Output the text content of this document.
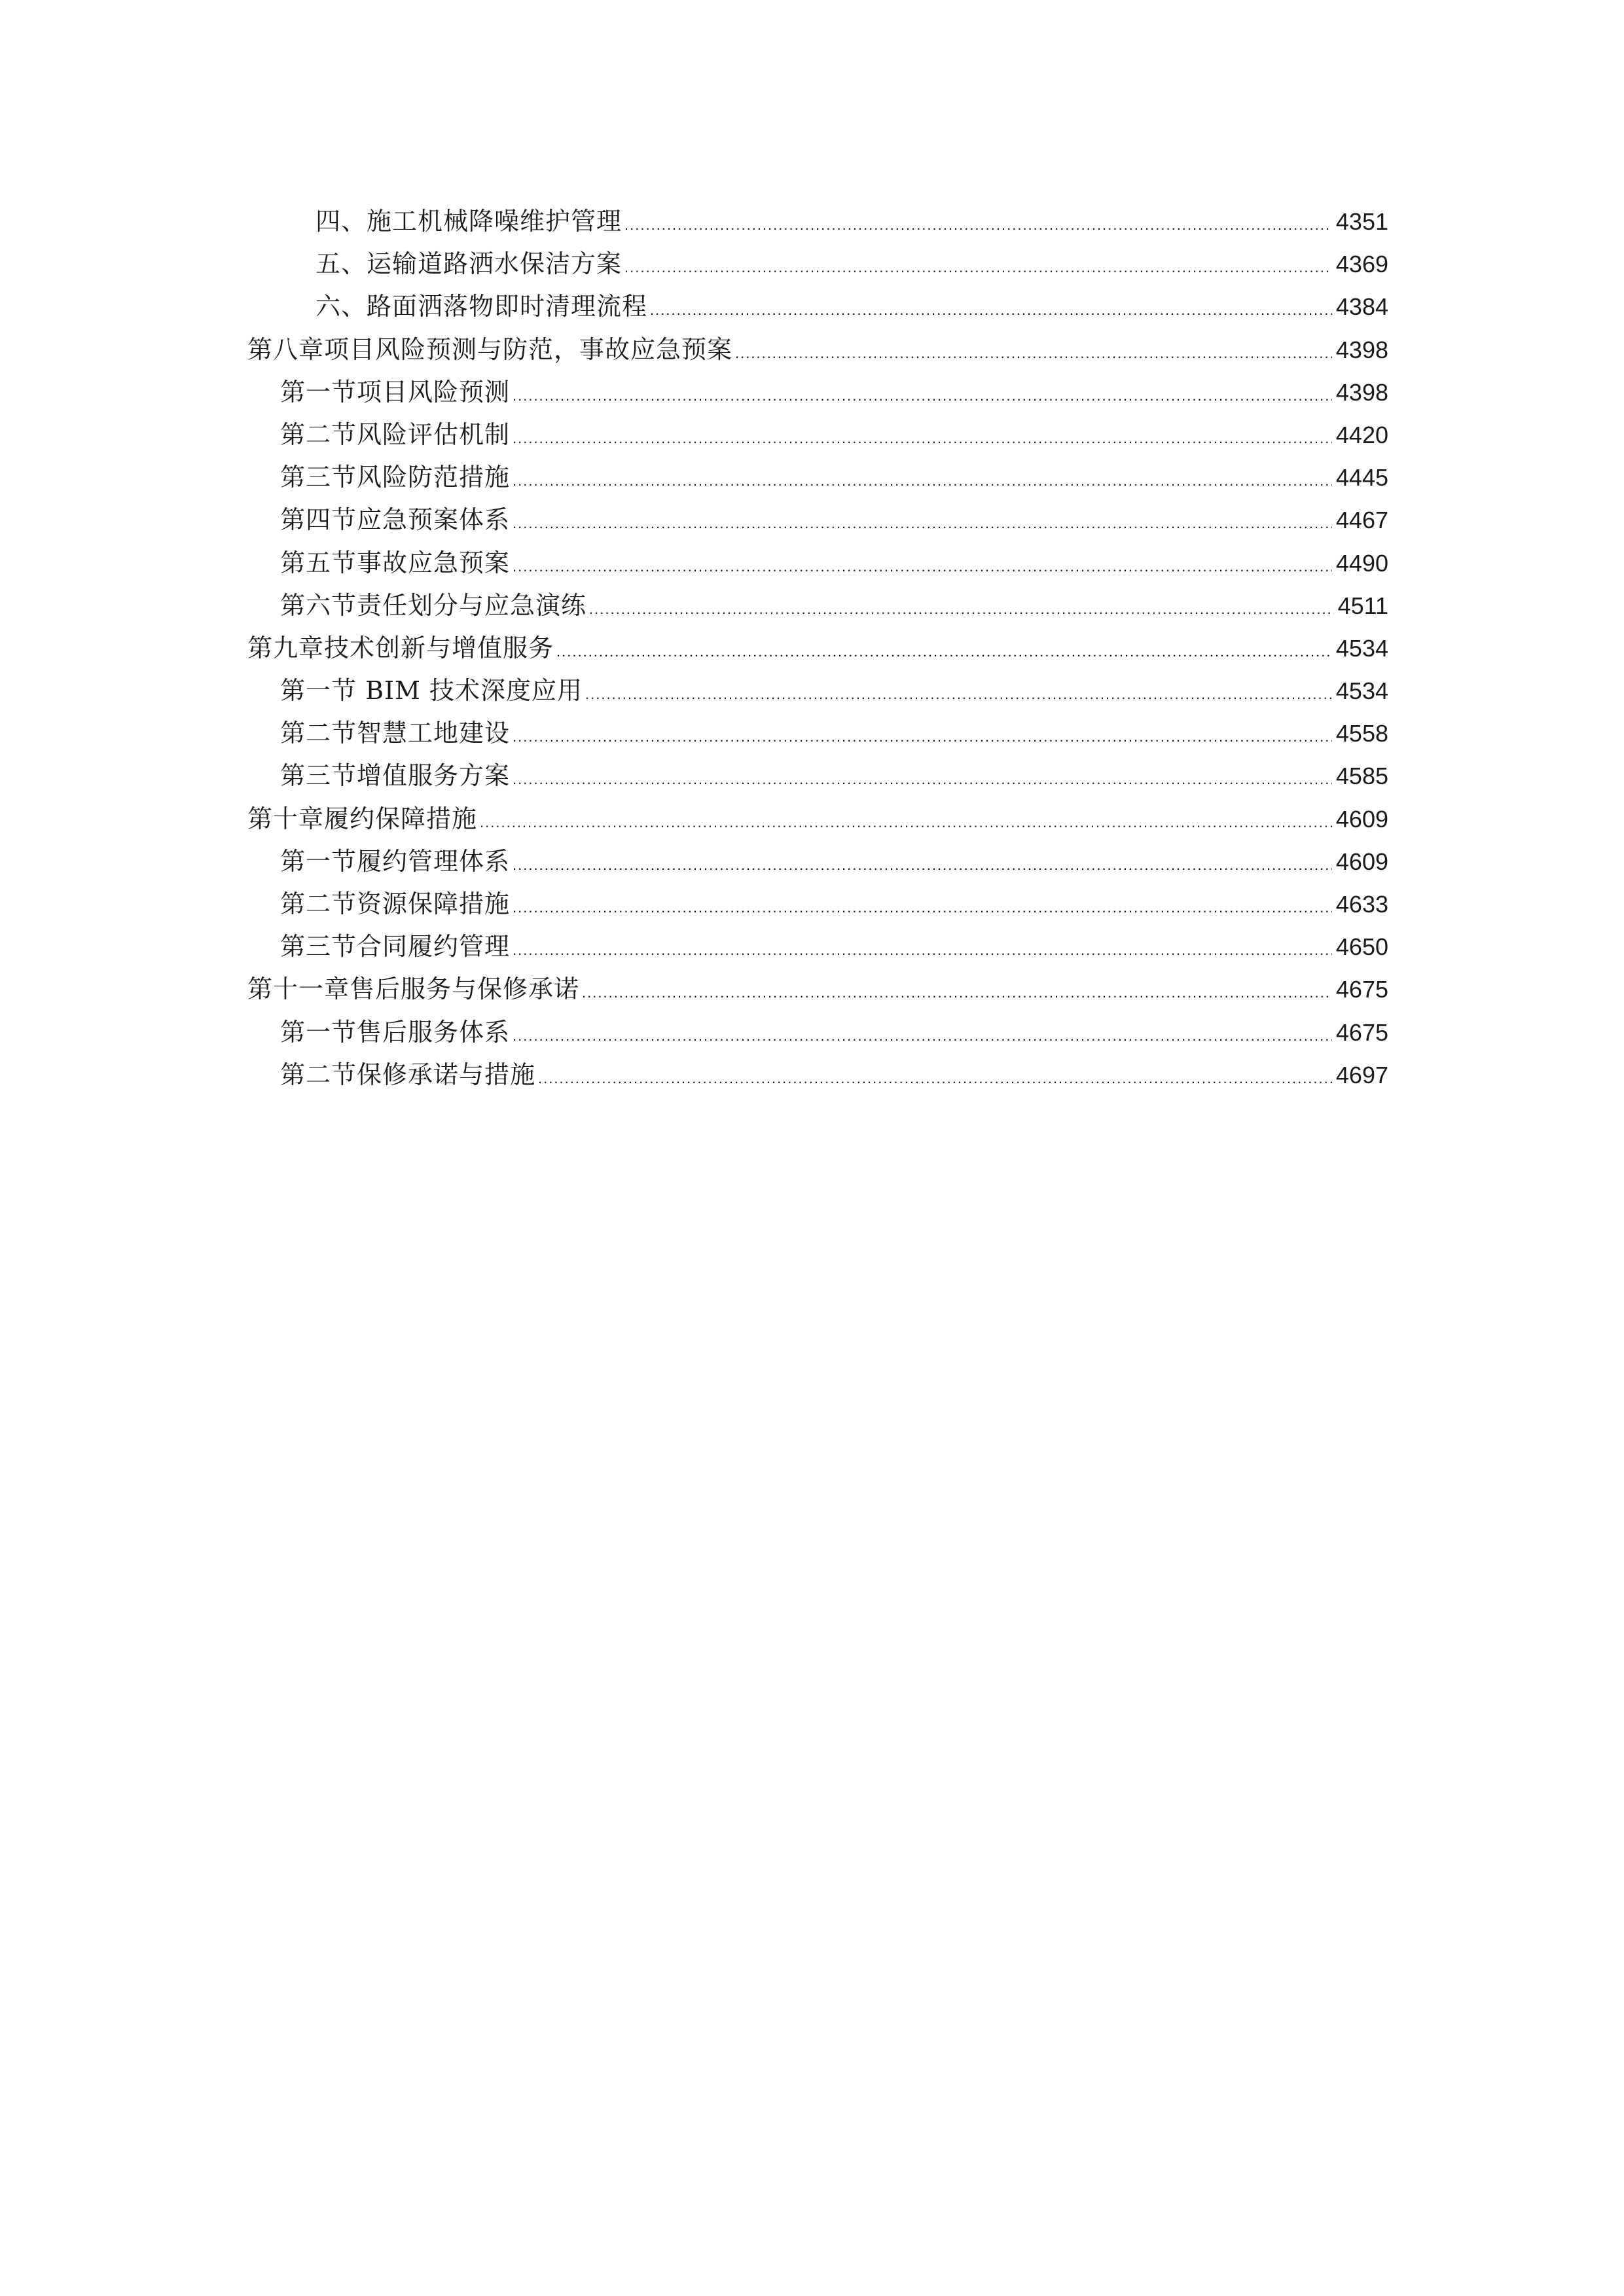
四、施工机械降噪维护管理 .....	4351
五、运输道路洒水保洁方案 .....	4369
六、路面洒落物即时清理流程 .....	4384
第八章项目风险预测与防范，事故应急预案 .....	4398
第一节项目风险预测 .....	4398
第二节风险评估机制 .....	4420
第三节风险防范措施 .....	4445
第四节应急预案体系 .....	4467
第五节事故应急预案 .....	4490
第六节责任划分与应急演练 .....	4511
第九章技术创新与增值服务 .....	4534
第一节 BIM 技术深度应用 .....	4534
第二节智慧工地建设 .....	4558
第三节增值服务方案 .....	4585
第十章履约保障措施 .....	4609
第一节履约管理体系 .....	4609
第二节资源保障措施 .....	4633
第三节合同履约管理 .....	4650
第十一章售后服务与保修承诺 .....	4675
第一节售后服务体系 .....	4675
第二节保修承诺与措施 .....	4697
